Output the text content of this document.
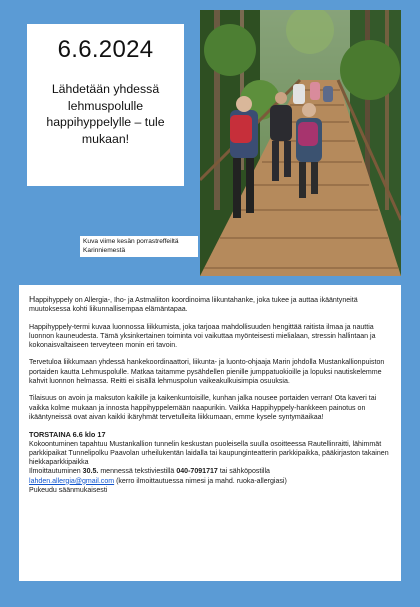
6.6.2024

Lähdetään yhdessä lehmuspolulle happihyppelylle – tule mukaan!

Kuva viime kesän porrastreffeiltä Karinniemestä

Happihyppely on Allergia-, Iho- ja Astmaliiton koordinoima liikuntahanke, joka tukee ja auttaa ikääntyneitä muutoksessa kohti liikunnallisempaa elämäntapaa.

Happihyppely-termi kuvaa luonnossa liikkumista, joka tarjoaa mahdollisuuden hengittää raitista ilmaa ja nauttia luonnon kauneudesta. Tämä yksinkertainen toiminta voi vaikuttaa myönteisesti mielialaan, stressin hallintaan ja kokonaisvaltaiseen terveyteen monin eri tavoin.

Tervetuloa liikkumaan yhdessä hankekoordinaattori, liikunta- ja luonto-ohjaaja Marin johdolla Mustankallionpuiston portaiden kautta Lehmuspolulle. Matkaa taitamme pysähdellen pienille jumppatuokioille ja lopuksi nautiskelemme kahvit luonnon helmassa. Reitti ei sisällä lehmuspolun vaikeakulkuisimpia osuuksia.

Tilaisuus on avoin ja maksuton kaikille ja kaikenkuntoisille, kunhan jalka nousee portaiden verran! Ota kaveri tai vaikka kolme mukaan ja innosta happihyppelemään naapurikin. Vaikka Happihyppely-hankkeen painotus on ikääntyneissä ovat aivan kaikki ikäryhmät tervetulleita liikkumaan, emme kysele syntymäaikaa!

TORSTAINA 6.6 klo 17

Kokoontuminen tapahtuu Mustankallion tunnelin keskustan puoleisella suulla osoitteessa Rautellinraitti, lähimmät parkkipaikat Tunnelipolku Paavolan urheilukentän laidalla tai kaupunginteatterin parkkipaikka, pääkirjaston takainen hiekkaparkkipaikka

Ilmoittautuminen 30.5. mennessä tekstiviestillä 040-7091717 tai sähköpostilla

lahden.allergia@gmail.com (kerro ilmoittautuessa nimesi ja mahd. ruoka-allergiasi)

Pukeudu säänmukaisesti
